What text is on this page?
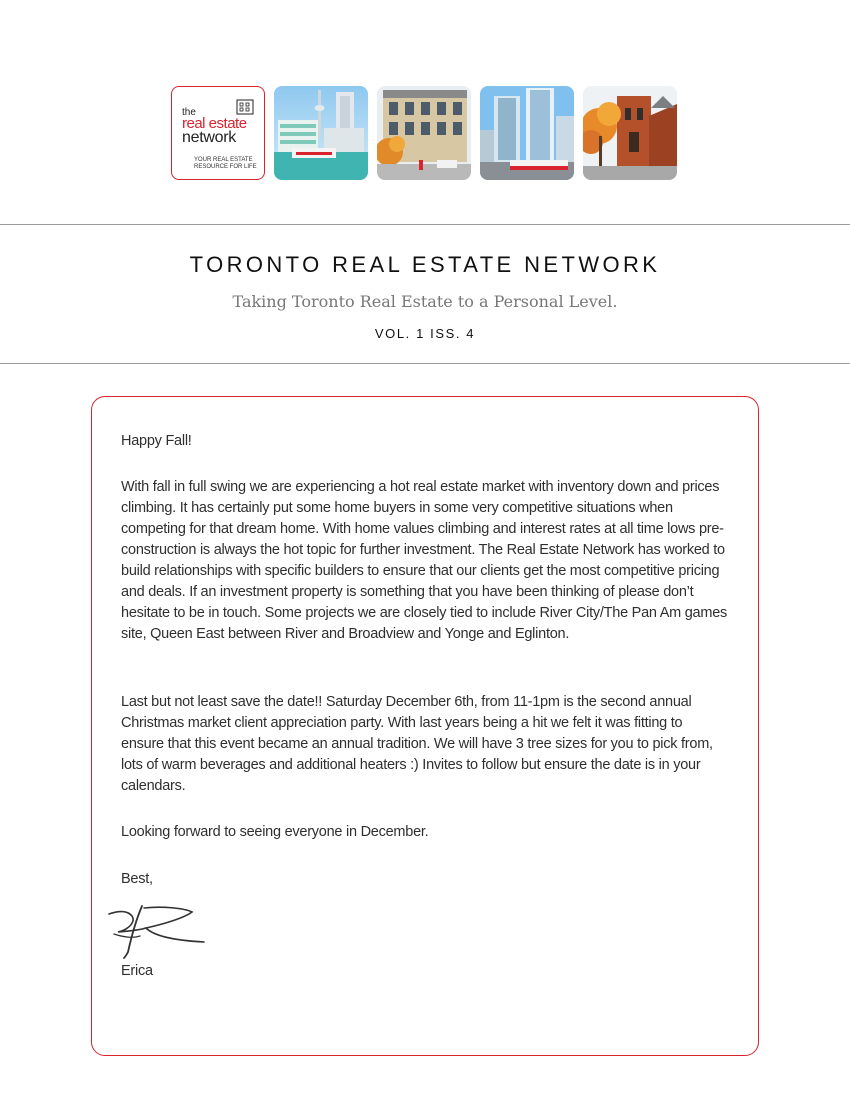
the
real estate
network
YOUR REAL ESTATE RESOURCE FOR LIFE
TORONTO REAL ESTATE NETWORK
Taking Toronto Real Estate to a Personal Level.
VOL. 1 ISS. 4

Happy Fall!

With fall in full swing we are experiencing a hot real estate market with inventory down and prices climbing. It has certainly put some home buyers in some very competitive situations when competing for that dream home. With home values climbing and interest rates at all time lows pre-construction is always the hot topic for further investment. The Real Estate Network has worked to build relationships with specific builders to ensure that our clients get the most competitive pricing and deals. If an investment property is something that you have been thinking of please don’t hesitate to be in touch. Some projects we are closely tied to include River City/The Pan Am games site, Queen East between River and Broadview and Yonge and Eglinton.

Last but not least save the date!! Saturday December 6th, from 11-1pm is the second annual Christmas market client appreciation party. With last years being a hit we felt it was fitting to ensure that this event became an annual tradition. We will have 3 tree sizes for you to pick from, lots of warm beverages and additional heaters :) Invites to follow but ensure the date is in your calendars.

Looking forward to seeing everyone in December.

Best,

Erica
